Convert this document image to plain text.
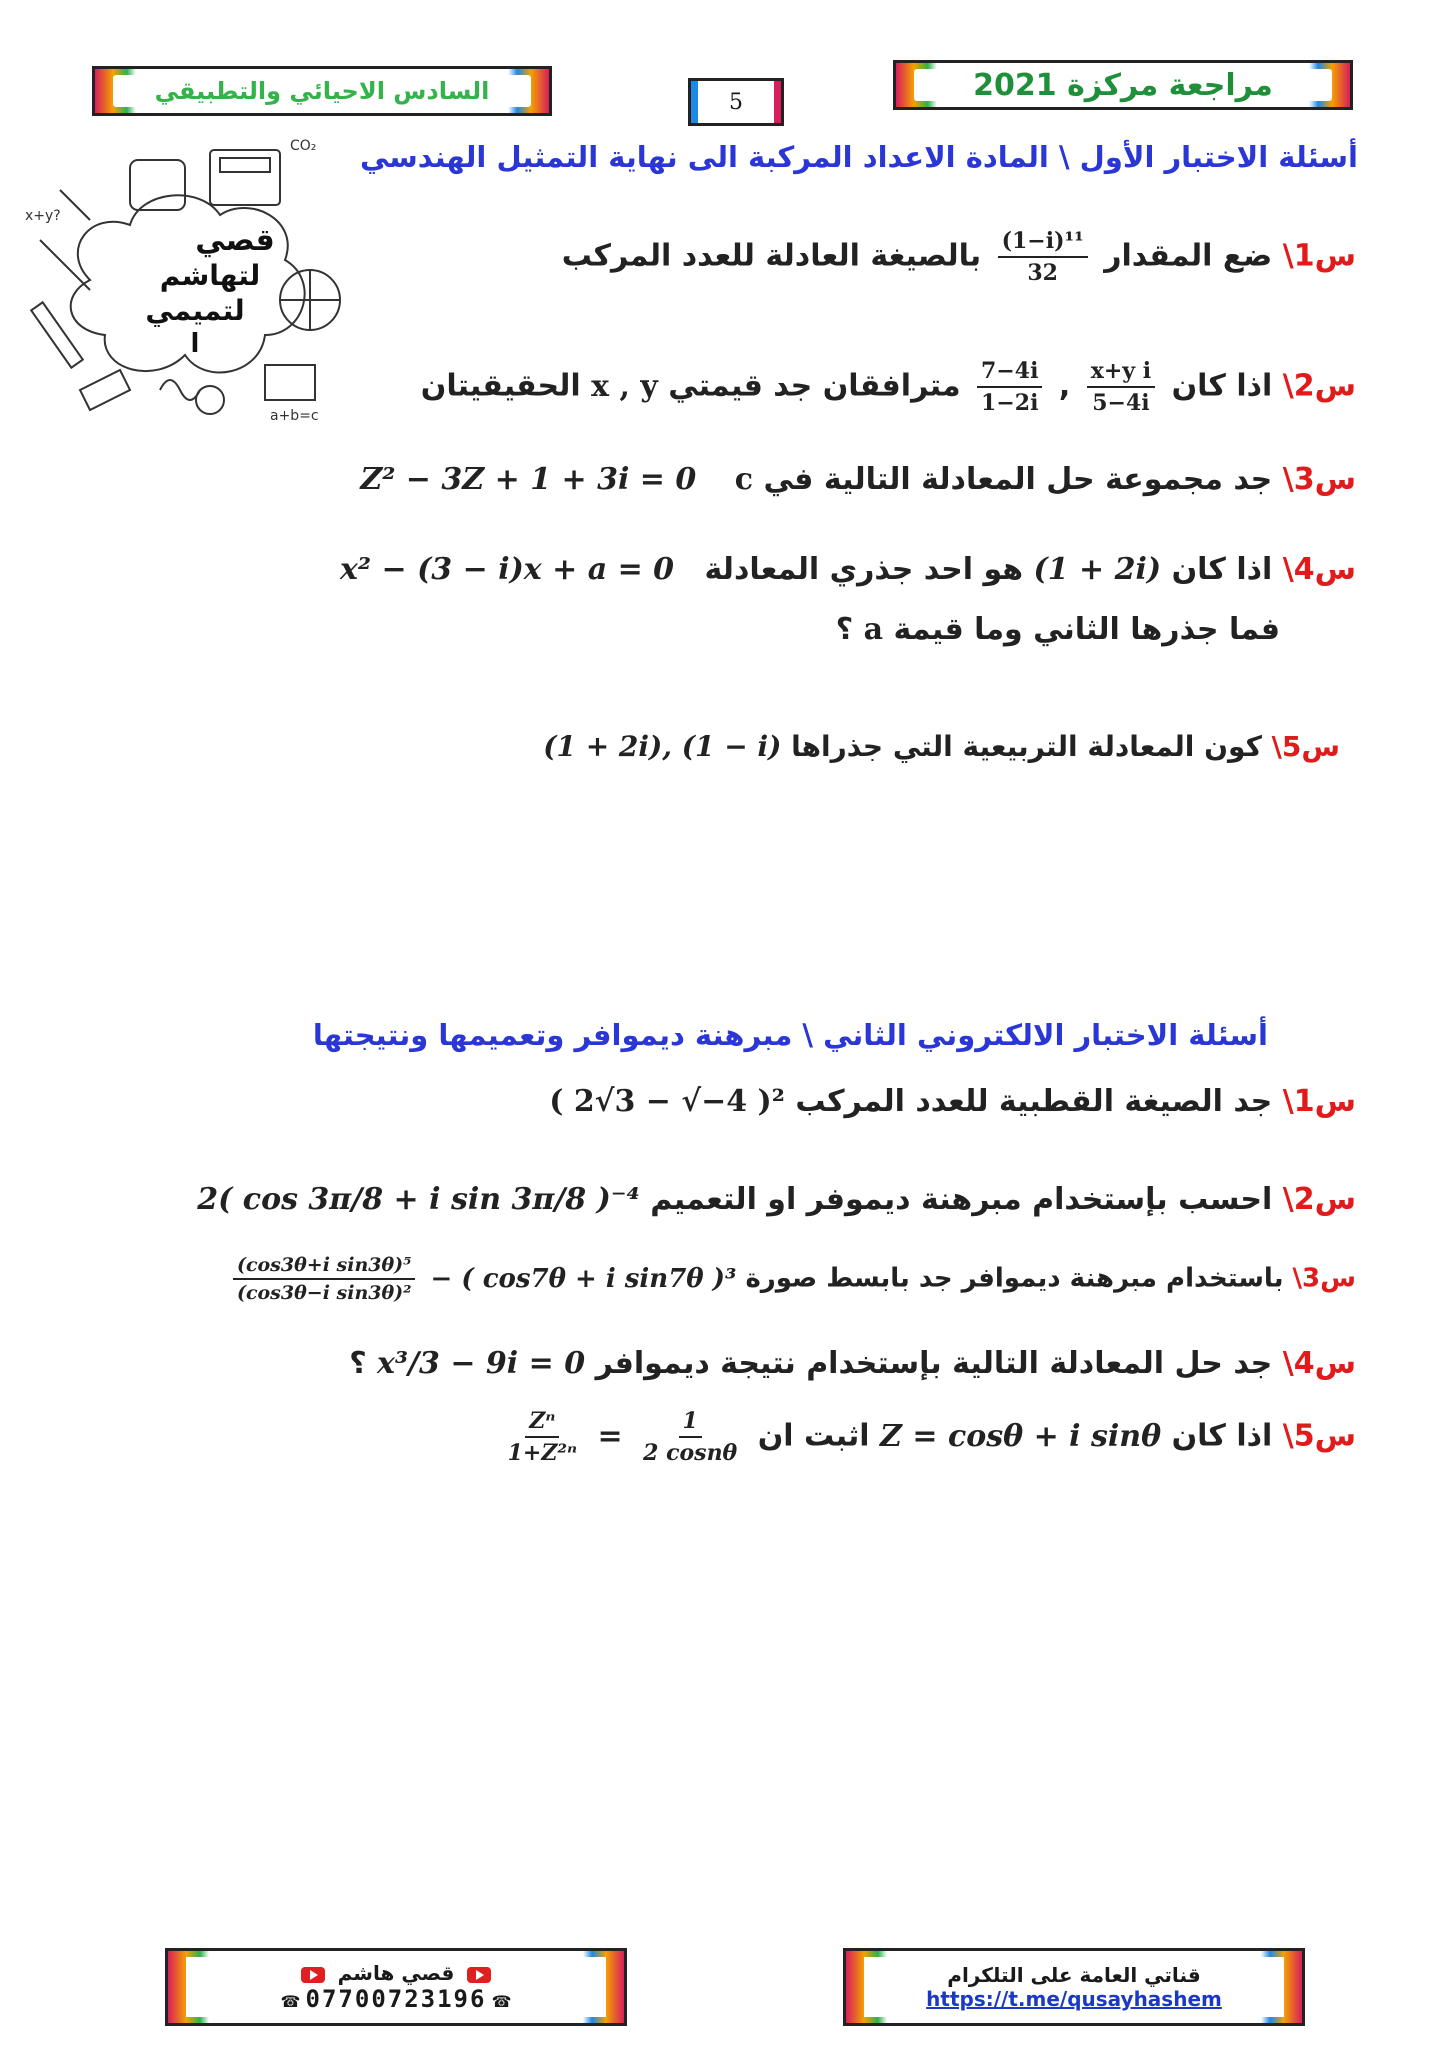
مراجعة مركزة 2021
5
السادس الاحيائي والتطبيقي
CO₂
a+b=c
x+y?
قصي
لتهاشم
لتميمي
ا
أسئلة الاختبار الأول \ المادة الاعداد المركبة الى نهاية التمثيل الهندسي
س1\ ضع المقدار
$\frac{\text{(1−i)¹¹}}{32}$
بالصيغة العادلة للعدد المركب
س2\ اذا كان
$\frac{\text{x+y i}}{5-4i}$
,
$\frac{7-4i}{1-2i}$
مترافقان جد قيمتي x , y الحقيقيتان
س3\ جد مجموعة حل المعادلة التالية في c Z² − 3Z + 1 + 3i = 0
س4\ اذا كان (1 + 2i) هو احد جذري المعادلة x² − (3 − i)x + a = 0
فما جذرها الثاني وما قيمة a ؟
س5\ كون المعادلة التربيعية التي جذراها (1 + 2i), (1 − i)
أسئلة الاختبار الالكتروني الثاني \ مبرهنة ديموافر وتعميمها ونتيجتها
س1\ جد الصيغة القطبية للعدد المركب ( 2√3 − √−4 )²
س2\ احسب بإستخدام مبرهنة ديموفر او التعميم 2( cos 3π/8 + i sin 3π/8 )⁻⁴
س3\ باستخدام مبرهنة ديموافر جد بابسط صورة − ( cos7θ + i sin7θ )³
$\frac{\text{(cos3θ+i sin3θ)⁵}}{\text{(cos3θ−i sin3θ)²}}$
س4\ جد حل المعادلة التالية بإستخدام نتيجة ديموافر x³/3 − 9i = 0 ؟
س5\ اذا كان Z = cosθ + i sinθ اثبت ان
$\frac{1}{2 \cos n\theta}$
=
$\frac{\text{Zⁿ}}{\text{1+Z²ⁿ}}$
قصي هاشم
☎ 07700723196 ☎
قناتي العامة على التلكرام
https://t.me/qusayhashem
